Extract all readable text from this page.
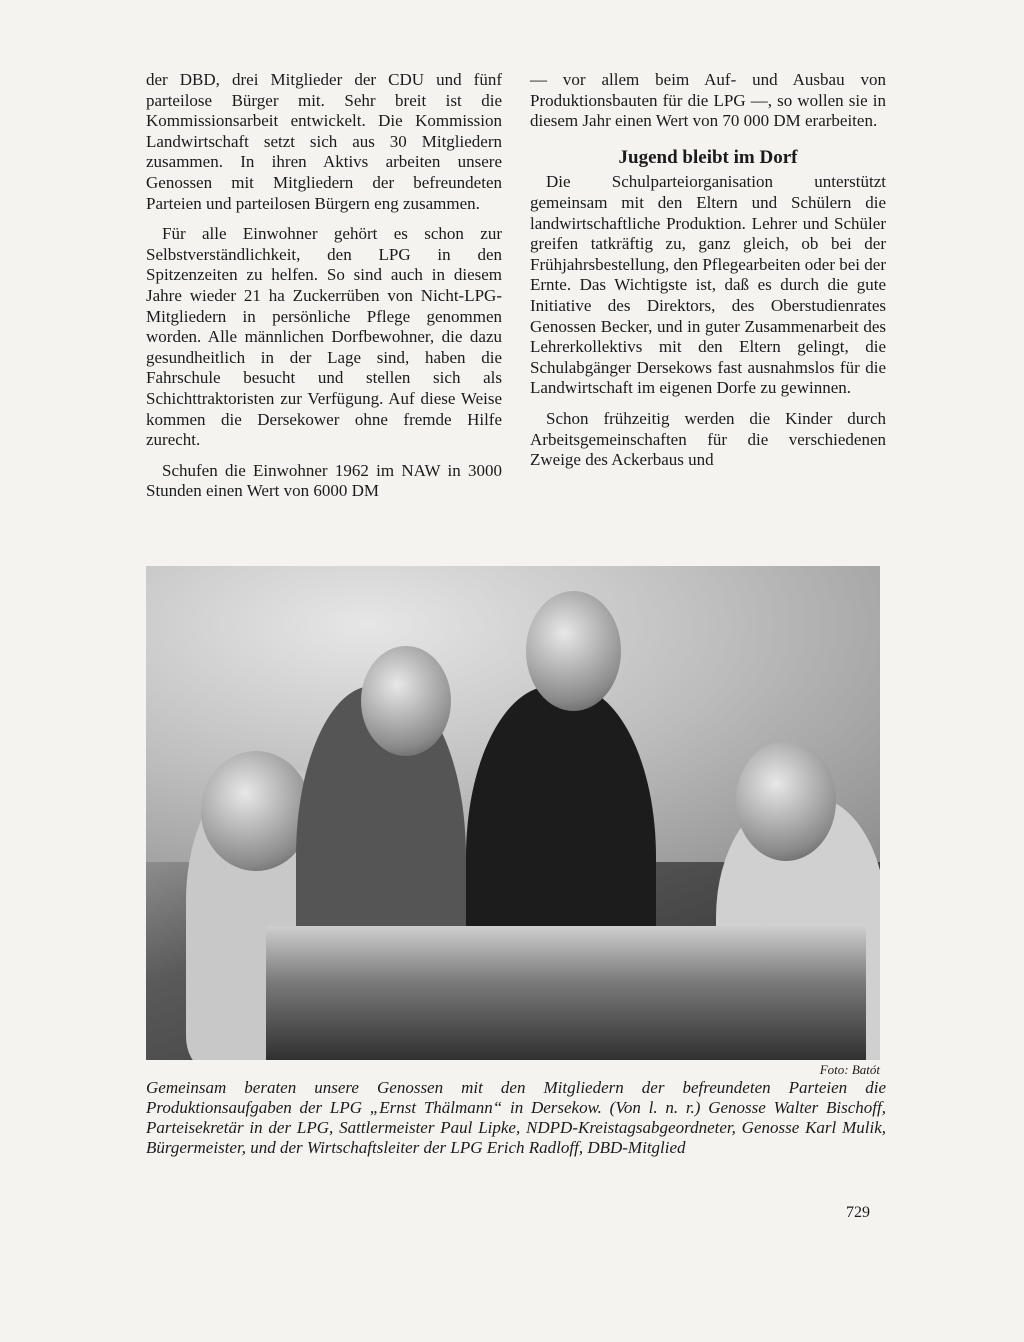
der DBD, drei Mitglieder der CDU und fünf parteilose Bürger mit. Sehr breit ist die Kommissionsarbeit entwickelt. Die Kommission Landwirtschaft setzt sich aus 30 Mitgliedern zusammen. In ihren Aktivs arbeiten unsere Genossen mit Mitgliedern der befreundeten Parteien und parteilosen Bürgern eng zusammen.

Für alle Einwohner gehört es schon zur Selbstverständlichkeit, den LPG in den Spitzenzeiten zu helfen. So sind auch in diesem Jahre wieder 21 ha Zuckerrüben von Nicht-LPG-Mitgliedern in persönliche Pflege genommen worden. Alle männlichen Dorfbewohner, die dazu gesundheitlich in der Lage sind, haben die Fahrschule besucht und stellen sich als Schichttraktoristen zur Verfügung. Auf diese Weise kommen die Dersekower ohne fremde Hilfe zurecht.

Schufen die Einwohner 1962 im NAW in 3000 Stunden einen Wert von 6000 DM

— vor allem beim Auf- und Ausbau von Produktionsbauten für die LPG —, so wollen sie in diesem Jahr einen Wert von 70 000 DM erarbeiten.

Jugend bleibt im Dorf

Die Schulparteiorganisation unterstützt gemeinsam mit den Eltern und Schülern die landwirtschaftliche Produktion. Lehrer und Schüler greifen tatkräftig zu, ganz gleich, ob bei der Frühjahrsbestellung, den Pflegearbeiten oder bei der Ernte. Das Wichtigste ist, daß es durch die gute Initiative des Direktors, des Oberstudienrates Genossen Becker, und in guter Zusammenarbeit des Lehrerkollektivs mit den Eltern gelingt, die Schulabgänger Dersekows fast ausnahmslos für die Landwirtschaft im eigenen Dorfe zu gewinnen.

Schon frühzeitig werden die Kinder durch Arbeitsgemeinschaften für die verschiedenen Zweige des Ackerbaus und

Foto: Batót
Gemeinsam beraten unsere Genossen mit den Mitgliedern der befreundeten Parteien die Produktionsaufgaben der LPG „Ernst Thälmann“ in Dersekow. (Von l. n. r.) Genosse Walter Bischoff, Parteisekretär in der LPG, Sattlermeister Paul Lipke, NDPD-Kreistagsabgeordneter, Genosse Karl Mulik, Bürgermeister, und der Wirtschaftsleiter der LPG Erich Radloff, DBD-Mitglied
729
